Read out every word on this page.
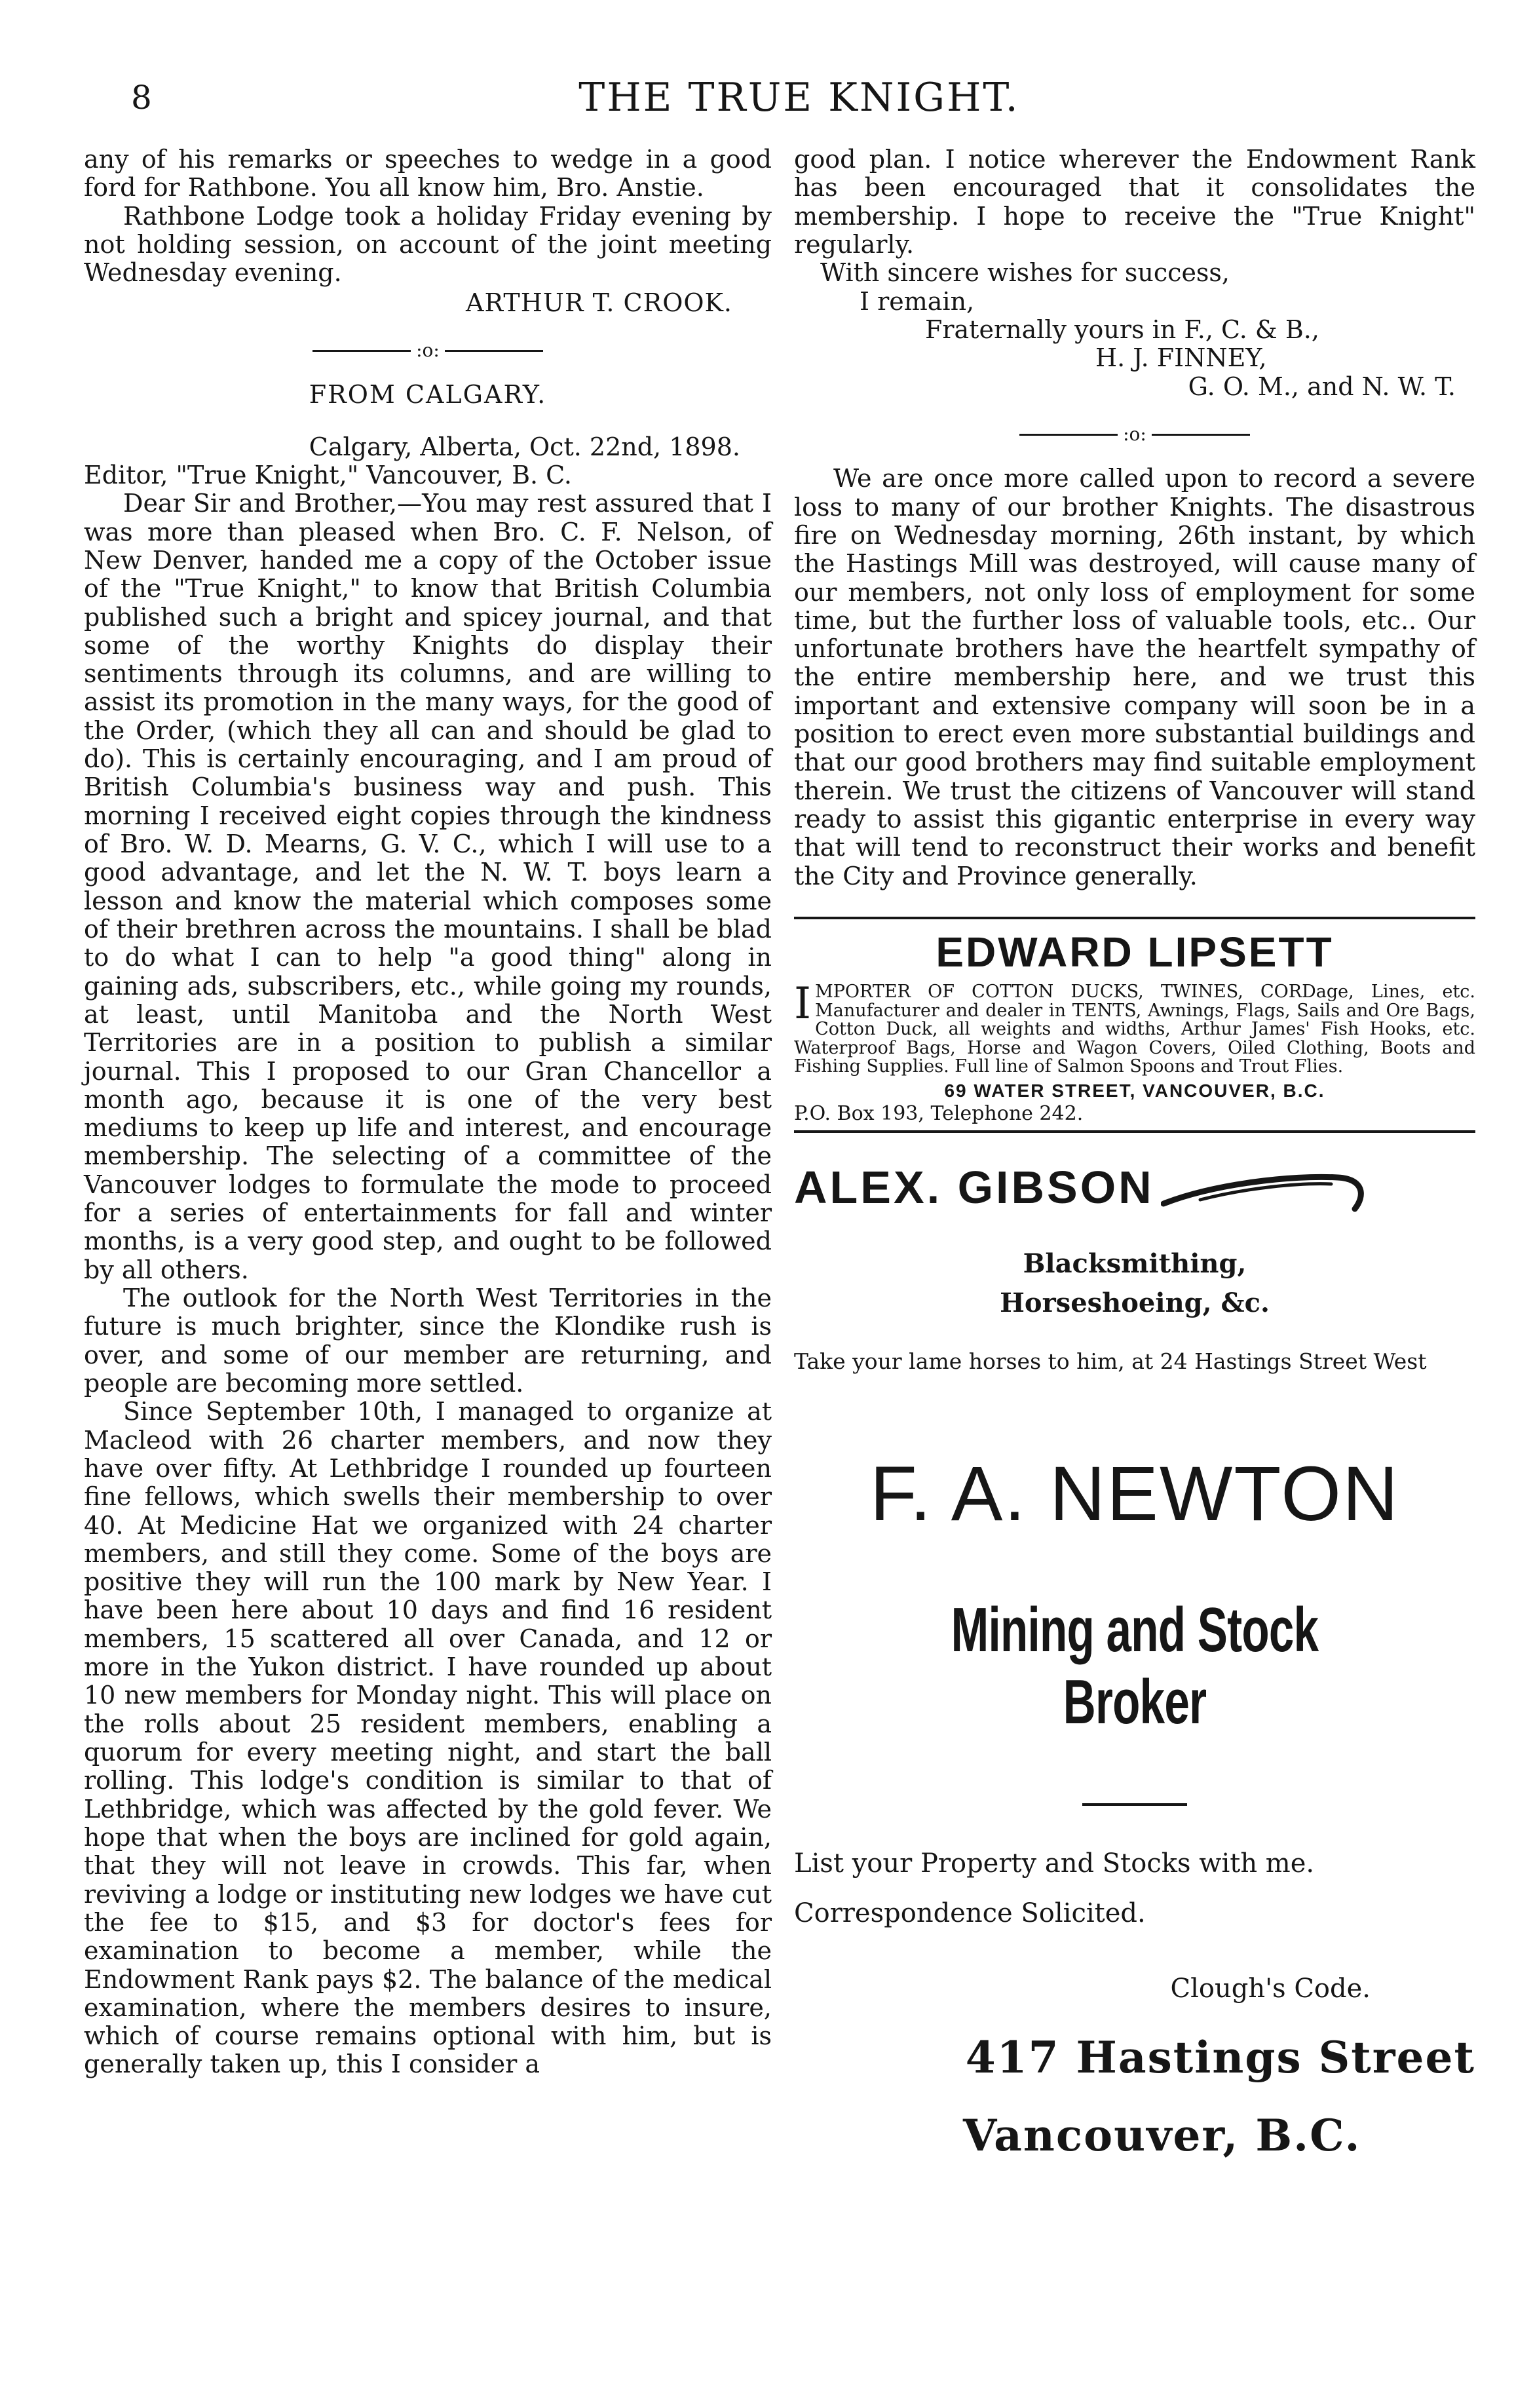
8	THE TRUE KNIGHT.

any of his remarks or speeches to wedge in a good ford for Rathbone. You all know him, Bro. Anstie.

Rathbone Lodge took a holiday Friday evening by not holding session, on account of the joint meeting Wednesday evening.

ARTHUR T. CROOK.

:o:

FROM CALGARY.

Calgary, Alberta, Oct. 22nd, 1898.

Editor, "True Knight," Vancouver, B. C.

Dear Sir and Brother,—You may rest assured that I was more than pleased when Bro. C. F. Nelson, of New Denver, handed me a copy of the October issue of the "True Knight," to know that British Columbia published such a bright and spicey journal, and that some of the worthy Knights do display their sentiments through its columns, and are willing to assist its promotion in the many ways, for the good of the Order, (which they all can and should be glad to do). This is certainly encouraging, and I am proud of British Columbia's business way and push. This morning I received eight copies through the kindness of Bro. W. D. Mearns, G. V. C., which I will use to a good advantage, and let the N. W. T. boys learn a lesson and know the material which composes some of their brethren across the mountains. I shall be blad to do what I can to help "a good thing" along in gaining ads, subscribers, etc., while going my rounds, at least, until Manitoba and the North West Territories are in a position to publish a similar journal. This I proposed to our Gran Chancellor a month ago, because it is one of the very best mediums to keep up life and interest, and encourage membership. The selecting of a committee of the Vancouver lodges to formulate the mode to proceed for a series of entertainments for fall and winter months, is a very good step, and ought to be followed by all others.

The outlook for the North West Territories in the future is much brighter, since the Klondike rush is over, and some of our member are returning, and people are becoming more settled.

Since September 10th, I managed to organize at Macleod with 26 charter members, and now they have over fifty. At Lethbridge I rounded up fourteen fine fellows, which swells their membership to over 40. At Medicine Hat we organized with 24 charter members, and still they come. Some of the boys are positive they will run the 100 mark by New Year. I have been here about 10 days and find 16 resident members, 15 scattered all over Canada, and 12 or more in the Yukon district. I have rounded up about 10 new members for Monday night. This will place on the rolls about 25 resident members, enabling a quorum for every meeting night, and start the ball rolling. This lodge's condition is similar to that of Lethbridge, which was affected by the gold fever. We hope that when the boys are inclined for gold again, that they will not leave in crowds. This far, when reviving a lodge or instituting new lodges we have cut the fee to $15, and $3 for doctor's fees for examination to become a member, while the Endowment Rank pays $2. The balance of the medical examination, where the members desires to insure, which of course remains optional with him, but is generally taken up, this I consider a

good plan. I notice wherever the Endowment Rank has been encouraged that it consolidates the membership. I hope to receive the "True Knight" regularly.

With sincere wishes for success,

I remain,

Fraternally yours in F., C. & B.,

H. J. FINNEY,

G. O. M., and N. W. T.

:o:

We are once more called upon to record a severe loss to many of our brother Knights. The disastrous fire on Wednesday morning, 26th instant, by which the Hastings Mill was destroyed, will cause many of our members, not only loss of employment for some time, but the further loss of valuable tools, etc.. Our unfortunate brothers have the heartfelt sympathy of the entire membership here, and we trust this important and extensive company will soon be in a position to erect even more substantial buildings and that our good brothers may find suitable employment therein. We trust the citizens of Vancouver will stand ready to assist this gigantic enterprise in every way that will tend to reconstruct their works and benefit the City and Province generally.

EDWARD LIPSETT
IMPORTER OF COTTON DUCKS, TWINES, CORDage, Lines, etc. Manufacturer and dealer in TENTS, Awnings, Flags, Sails and Ore Bags, Cotton Duck, all weights and widths, Arthur James' Fish Hooks, etc. Waterproof Bags, Horse and Wagon Covers, Oiled Clothing, Boots and Fishing Supplies. Full line of Salmon Spoons and Trout Flies.
69 WATER STREET, VANCOUVER, B.C.
P.O. Box 193, Telephone 242.
ALEX. GIBSON
Blacksmithing,
Horseshoeing, &c.
Take your lame horses to him, at 24 Hastings Street West
F. A. NEWTON
Mining and Stock Broker
List your Property and Stocks with me.
Correspondence Solicited.
Clough's Code.
417 Hastings Street
Vancouver, B.C.
